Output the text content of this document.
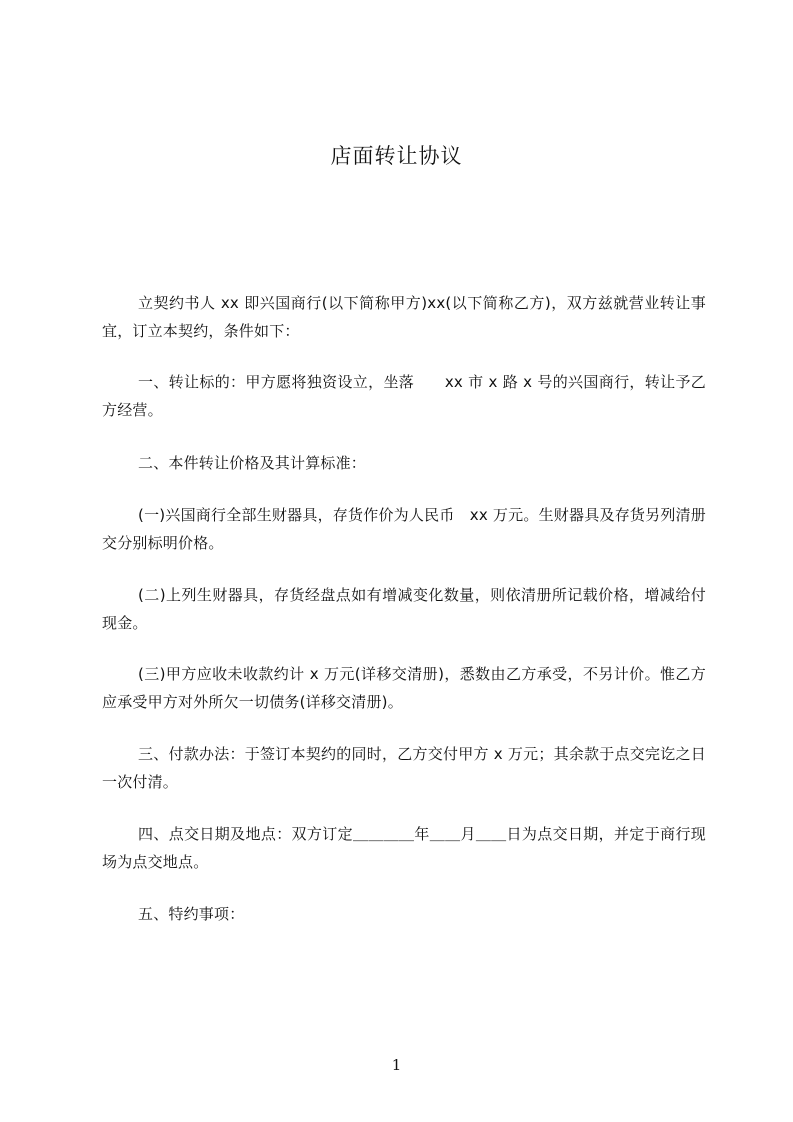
店面转让协议

立契约书人 xx 即兴国商行(以下简称甲方)xx(以下简称乙方)，双方兹就营业转让事宜，订立本契约，条件如下：

一、转让标的：甲方愿将独资设立，坐落　　xx 市 x 路 x 号的兴国商行，转让予乙方经营。

二、本件转让价格及其计算标准：

(一)兴国商行全部生财器具，存货作价为人民币　xx 万元。生财器具及存货另列清册交分别标明价格。

(二)上列生财器具，存货经盘点如有增减变化数量，则依清册所记载价格，增减给付现金。

(三)甲方应收未收款约计 x 万元(详移交清册)，悉数由乙方承受，不另计价。惟乙方应承受甲方对外所欠一切债务(详移交清册)。

三、付款办法：于签订本契约的同时，乙方交付甲方 x 万元；其余款于点交完讫之日一次付清。

四、点交日期及地点：双方订定＿＿＿＿年＿＿月＿＿日为点交日期，并定于商行现场为点交地点。

五、特约事项：

1
